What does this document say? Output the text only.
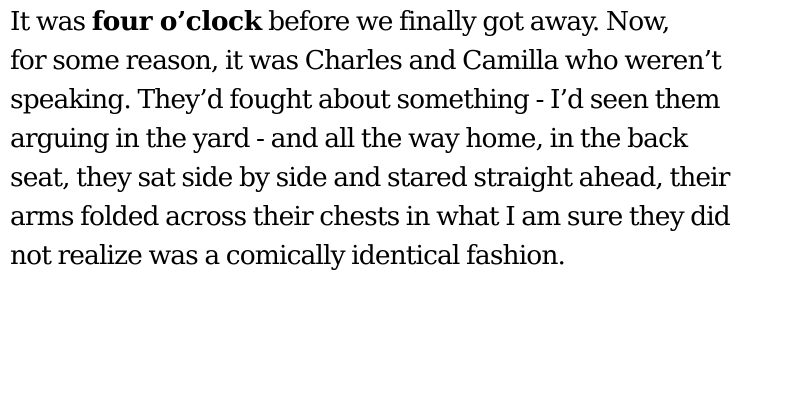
It was four o’clock before we finally got away. Now,
for some reason, it was Charles and Camilla who weren’t
speaking. They’d fought about something - I’d seen them
arguing in the yard - and all the way home, in the back
seat, they sat side by side and stared straight ahead, their
arms folded across their chests in what I am sure they did
not realize was a comically identical fashion.
